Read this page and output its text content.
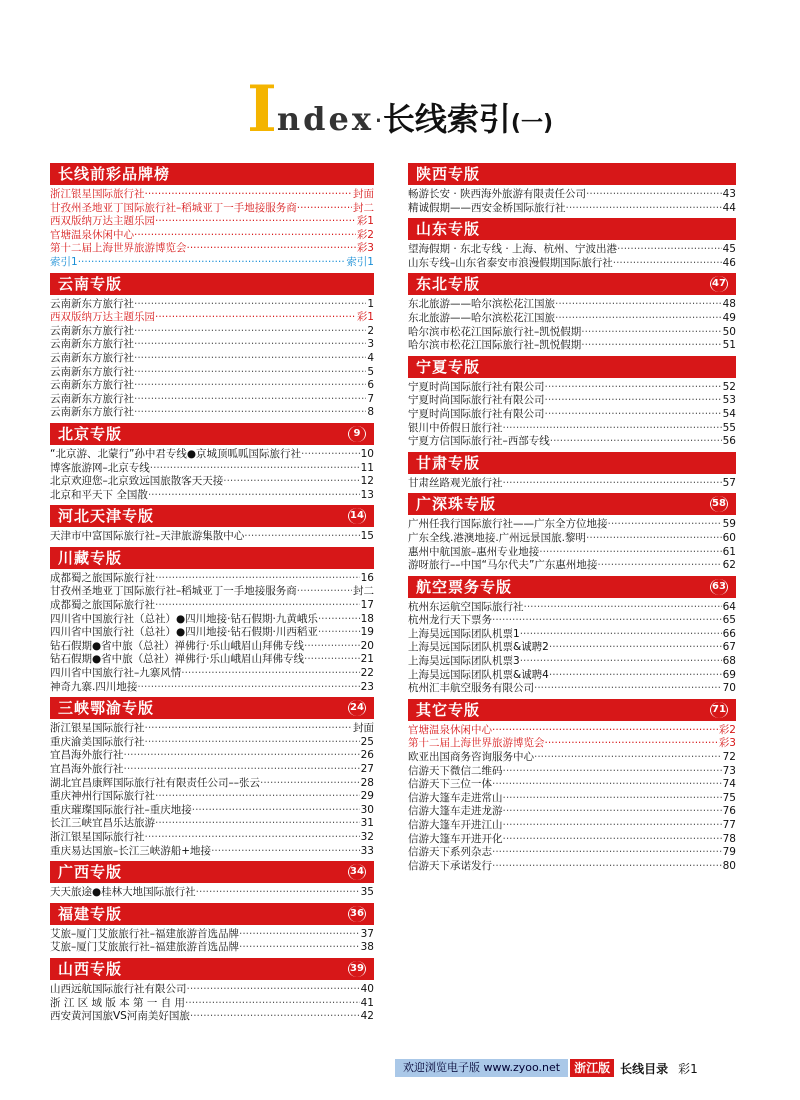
Index·长线索引(一)
长线前彩品牌榜
浙江银星国际旅行社 ·····	封面
甘孜州圣地亚丁国际旅行社–稻城亚丁一手地接服务商 ·····	封二
西双版纳万达主题乐园 ·····	彩1
官塘温泉休闲中心 ·····	彩2
第十二届上海世界旅游博览会 ·····	彩3
索引1 ·····	索引1
云南专版
云南新东方旅行社 ·····	1
西双版纳万达主题乐园 ·····	彩1
云南新东方旅行社 ·····	2
云南新东方旅行社 ·····	3
云南新东方旅行社 ·····	4
云南新东方旅行社 ·····	5
云南新东方旅行社 ·····	6
云南新东方旅行社 ·····	7
云南新东方旅行社 ·····	8
北京专版	9
“北京游、北蒙行”孙中君专线●京城顶呱呱国际旅行社 ·····	10
博客旅游网–北京专线 ·····	11
北京欢迎您–北京致远国旅散客天天接 ·····	12
北京和平天下 全国散 ·····	13
河北天津专版	14
天津市中富国际旅行社–天津旅游集散中心 ·····	15
川藏专版
成都蜀之旅国际旅行社 ·····	16
甘孜州圣地亚丁国际旅行社–稻城亚丁一手地接服务商 ·····	封二
成都蜀之旅国际旅行社 ·····	17
四川省中国旅行社（总社）●四川地接·钻石假期·九黄峨乐 ·····	18
四川省中国旅行社（总社）●四川地接·钻石假期·川西稻亚 ·····	19
钻石假期●省中旅（总社）禅佛行·乐山峨眉山拜佛专线 ·····	20
钻石假期●省中旅（总社）禅佛行·乐山峨眉山拜佛专线 ·····	21
四川省中国旅行社–九寨风情 ·····	22
神奇九寨.四川地接 ·····	23
三峡鄂渝专版	24
浙江银星国际旅行社 ·····	封面
重庆渝美国际旅行社 ·····	25
宜昌海外旅行社 ·····	26
宜昌海外旅行社 ·····	27
湖北宜昌康辉国际旅行社有限责任公司––张云 ·····	28
重庆神州行国际旅行社 ·····	29
重庆璀璨国际旅行社–重庆地接 ·····	30
长江三峡宜昌乐达旅游 ·····	31
浙江银星国际旅行社 ·····	32
重庆易达国旅–长江三峡游船+地接 ·····	33
广西专版	34
天天旅途●桂林大地国际旅行社 ·····	35
福建专版	36
艾旅–厦门艾旅旅行社–福建旅游首选品牌 ·····	37
艾旅–厦门艾旅旅行社–福建旅游首选品牌 ·····	38
山西专版	39
山西远航国际旅行社有限公司 ·····	40
浙 江 区 域 版 本 第 一 自 用 ·····	41
西安黄河国旅VS河南美好国旅 ·····	42
陕西专版
畅游长安 · 陕西海外旅游有限责任公司 ·····	43
精诚假期——西安金桥国际旅行社 ·····	44
山东专版
望海假期 · 东北专线 · 上海、杭州、宁波出港 ·····	45
山东专线–山东省泰安市浪漫假期国际旅行社 ·····	46
东北专版	47
东北旅游——哈尔滨松花江国旅 ·····	48
东北旅游——哈尔滨松花江国旅 ·····	49
哈尔滨市松花江国际旅行社–凯悦假期 ·····	50
哈尔滨市松花江国际旅行社–凯悦假期 ·····	51
宁夏专版
宁夏时尚国际旅行社有限公司 ·····	52
宁夏时尚国际旅行社有限公司 ·····	53
宁夏时尚国际旅行社有限公司 ·····	54
银川中侨假日旅行社 ·····	55
宁夏方信国际旅行社–西部专线 ·····	56
甘肃专版
甘肃丝路观光旅行社 ·····	57
广深珠专版	58
广州任我行国际旅行社——广东全方位地接 ·····	59
广东全线.港澳地接.广州远景国旅.黎明 ·····	60
惠州中航国旅–惠州专业地接 ·····	61
游呀旅行––中国“马尔代夫”广东惠州地接 ·····	62
航空票务专版	63
杭州东运航空国际旅行社 ·····	64
杭州龙行天下票务 ·····	65
上海昊远国际团队机票1 ·····	66
上海昊远国际团队机票&诚聘2 ·····	67
上海昊远国际团队机票3 ·····	68
上海昊远国际团队机票&诚聘4 ·····	69
杭州汇丰航空服务有限公司 ·····	70
其它专版	71
官塘温泉休闲中心 ·····	彩2
第十二届上海世界旅游博览会 ·····	彩3
欧亚出国商务咨询服务中心 ·····	72
信游天下微信二维码 ·····	73
信游天下三位一体 ·····	74
信游大篷车走进常山 ·····	75
信游大篷车走进龙游 ·····	76
信游大篷车开进江山 ·····	77
信游大篷车开进开化 ·····	78
信游天下系列杂志 ·····	79
信游天下承诺发行 ·····	80
欢迎浏览电子版 www.zyoo.net	浙江版 长线目录 彩1
